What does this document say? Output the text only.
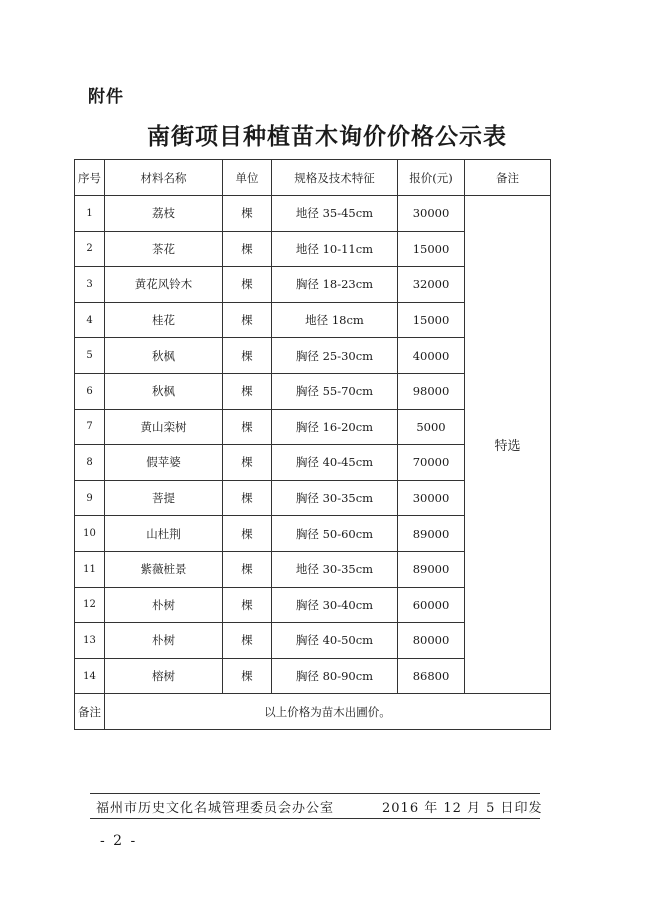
附件
南街项目种植苗木询价价格公示表
序号	材料名称	单位	规格及技术特征	报价(元)	备注
1	荔枝	棵	地径 35-45cm	30000	特选
2	茶花	棵	地径 10-11cm	15000	
3	黄花风铃木	棵	胸径 18-23cm	32000	
4	桂花	棵	地径 18cm	15000	
5	秋枫	棵	胸径 25-30cm	40000	
6	秋枫	棵	胸径 55-70cm	98000	
7	黄山栾树	棵	胸径 16-20cm	5000	
8	假苹婆	棵	胸径 40-45cm	70000	
9	菩提	棵	胸径 30-35cm	30000	
10	山杜荆	棵	胸径 50-60cm	89000	
11	紫薇桩景	棵	地径 30-35cm	89000	
12	朴树	棵	胸径 30-40cm	60000	
13	朴树	棵	胸径 40-50cm	80000	
14	榕树	棵	胸径 80-90cm	86800	
备注	以上价格为苗木出圃价。				
福州市历史文化名城管理委员会办公室	2016 年 12 月 5 日印发
- 2 -
